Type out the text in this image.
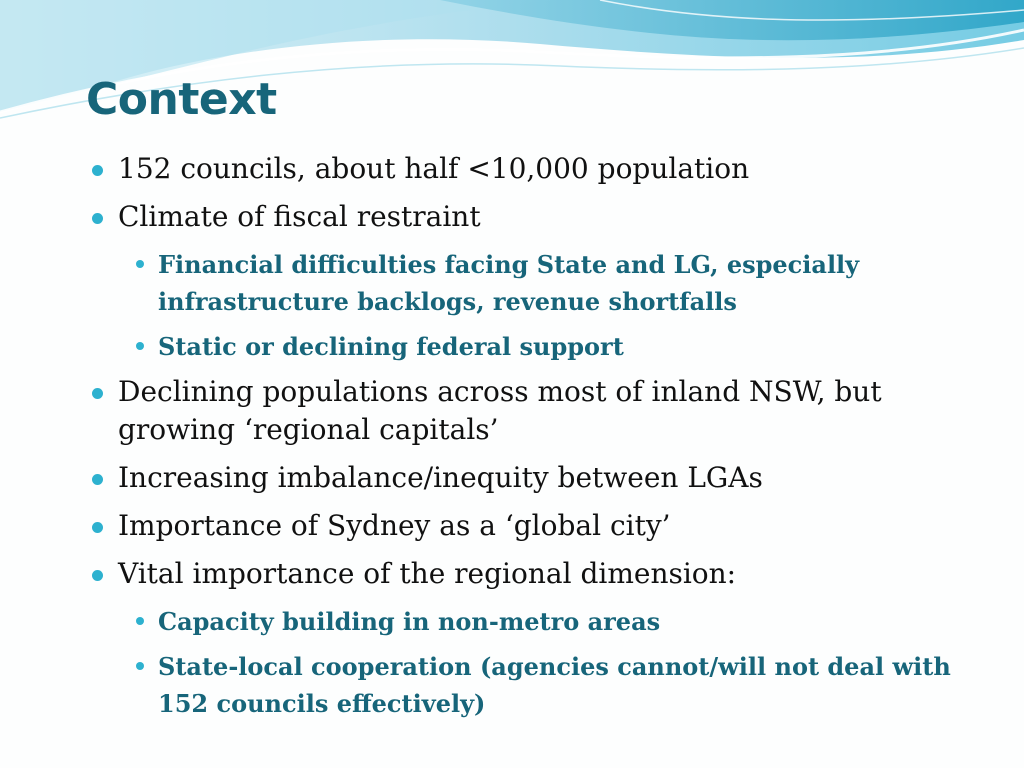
Context
152 councils, about half <10,000 population
Climate of fiscal restraint
Financial difficulties facing State and LG, especially infrastructure backlogs, revenue shortfalls
Static or declining federal support
Declining populations across most of inland NSW, but growing ‘regional capitals’
Increasing imbalance/inequity between LGAs
Importance of Sydney as a ‘global city’
Vital importance of the regional dimension:
Capacity building in non-metro areas
State-local cooperation (agencies cannot/will not deal with 152 councils effectively)
